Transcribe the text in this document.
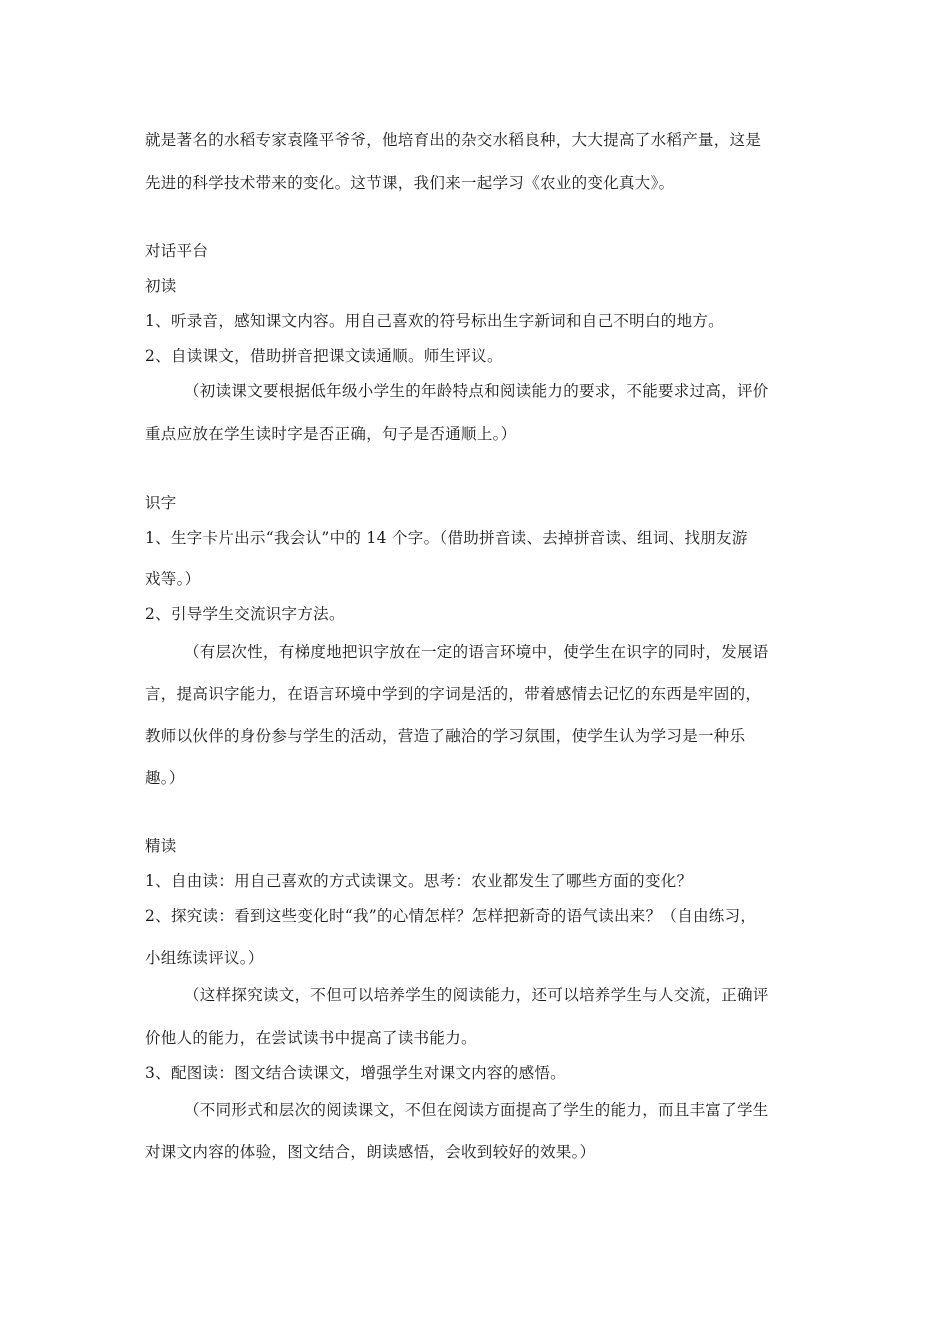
就是著名的水稻专家袁隆平爷爷，他培育出的杂交水稻良种，大大提高了水稻产量，这是
先进的科学技术带来的变化。这节课，我们来一起学习《农业的变化真大》。
对话平台
初读
1、听录音，感知课文内容。用自己喜欢的符号标出生字新词和自己不明白的地方。
2、自读课文，借助拼音把课文读通顺。师生评议。
（初读课文要根据低年级小学生的年龄特点和阅读能力的要求，不能要求过高，评价
重点应放在学生读时字是否正确，句子是否通顺上。）
识字
1、生字卡片出示“我会认”中的 14 个字。（借助拼音读、去掉拼音读、组词、找朋友游
戏等。）
2、引导学生交流识字方法。
（有层次性，有梯度地把识字放在一定的语言环境中，使学生在识字的同时，发展语
言，提高识字能力，在语言环境中学到的字词是活的，带着感情去记忆的东西是牢固的，
教师以伙伴的身份参与学生的活动，营造了融洽的学习氛围，使学生认为学习是一种乐
趣。）
精读
1、自由读：用自己喜欢的方式读课文。思考：农业都发生了哪些方面的变化？
2、探究读：看到这些变化时“我”的心情怎样？怎样把新奇的语气读出来？（自由练习，
小组练读评议。）
（这样探究读文，不但可以培养学生的阅读能力，还可以培养学生与人交流，正确评
价他人的能力，在尝试读书中提高了读书能力。
3、配图读：图文结合读课文，增强学生对课文内容的感悟。
（不同形式和层次的阅读课文，不但在阅读方面提高了学生的能力，而且丰富了学生
对课文内容的体验，图文结合，朗读感悟，会收到较好的效果。）
